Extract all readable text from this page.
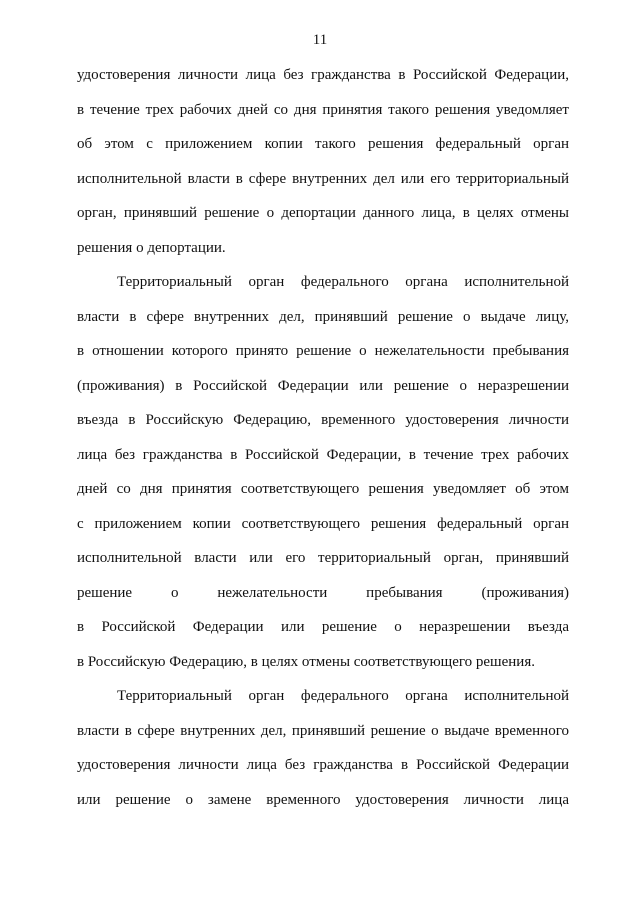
11
удостоверения личности лица без гражданства в Российской Федерации,
в течение трех рабочих дней со дня принятия такого решения уведомляет
об этом с приложением копии такого решения федеральный орган
исполнительной власти в сфере внутренних дел или его территориальный
орган, принявший решение о депортации данного лица, в целях отмены
решения о депортации.
Территориальный орган федерального органа исполнительной
власти в сфере внутренних дел, принявший решение о выдаче лицу,
в отношении которого принято решение о нежелательности пребывания
(проживания) в Российской Федерации или решение о неразрешении
въезда в Российскую Федерацию, временного удостоверения личности
лица без гражданства в Российской Федерации, в течение трех рабочих
дней со дня принятия соответствующего решения уведомляет об этом
с приложением копии соответствующего решения федеральный орган
исполнительной власти или его территориальный орган, принявший
решение о нежелательности пребывания (проживания)
в Российской Федерации или решение о неразрешении въезда
в Российскую Федерацию, в целях отмены соответствующего решения.
Территориальный орган федерального органа исполнительной
власти в сфере внутренних дел, принявший решение о выдаче временного
удостоверения личности лица без гражданства в Российской Федерации
или решение о замене временного удостоверения личности лица
